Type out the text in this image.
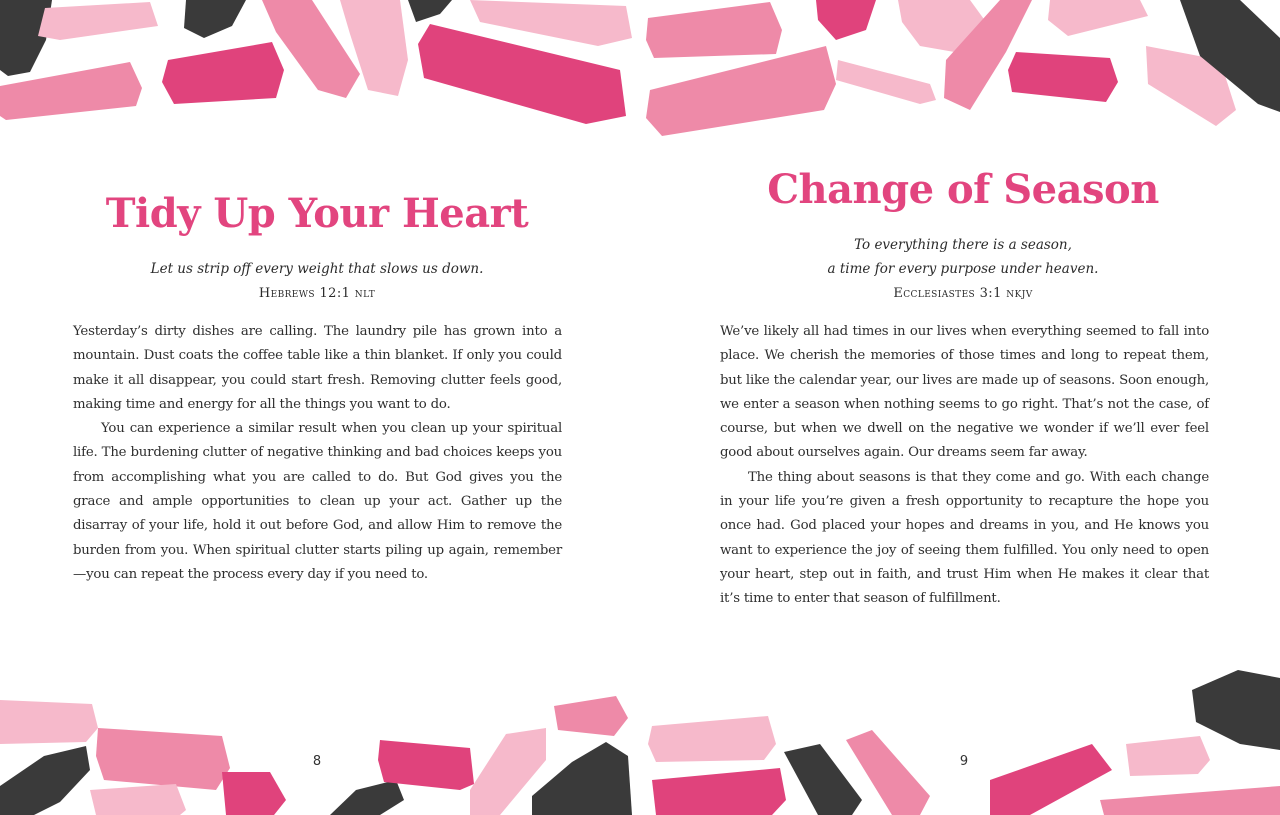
Tidy Up Your Heart
Let us strip off every weight that slows us down.
Hebrews 12:1 nlt

Yesterday’s dirty dishes are calling. The laundry pile has grown into a mountain. Dust coats the coffee table like a thin blanket. If only you could make it all disappear, you could start fresh. Removing clutter feels good, making time and energy for all the things you want to do.

You can experience a similar result when you clean up your spiritual life. The burdening clutter of negative thinking and bad choices keeps you from accomplishing what you are called to do. But God gives you the grace and ample opportunities to clean up your act. Gather up the disarray of your life, hold it out before God, and allow Him to remove the burden from you. When spiritual clutter starts piling up again, remember—you can repeat the process every day if you need to.

8
Change of Season
To everything there is a season,
a time for every purpose under heaven.
Ecclesiastes 3:1 nkjv

We’ve likely all had times in our lives when everything seemed to fall into place. We cherish the memories of those times and long to repeat them, but like the calendar year, our lives are made up of seasons. Soon enough, we enter a season when nothing seems to go right. That’s not the case, of course, but when we dwell on the negative we wonder if we’ll ever feel good about ourselves again. Our dreams seem far away.

The thing about seasons is that they come and go. With each change in your life you’re given a fresh opportunity to recapture the hope you once had. God placed your hopes and dreams in you, and He knows you want to experience the joy of seeing them fulfilled. You only need to open your heart, step out in faith, and trust Him when He makes it clear that it’s time to enter that season of fulfillment.

9
